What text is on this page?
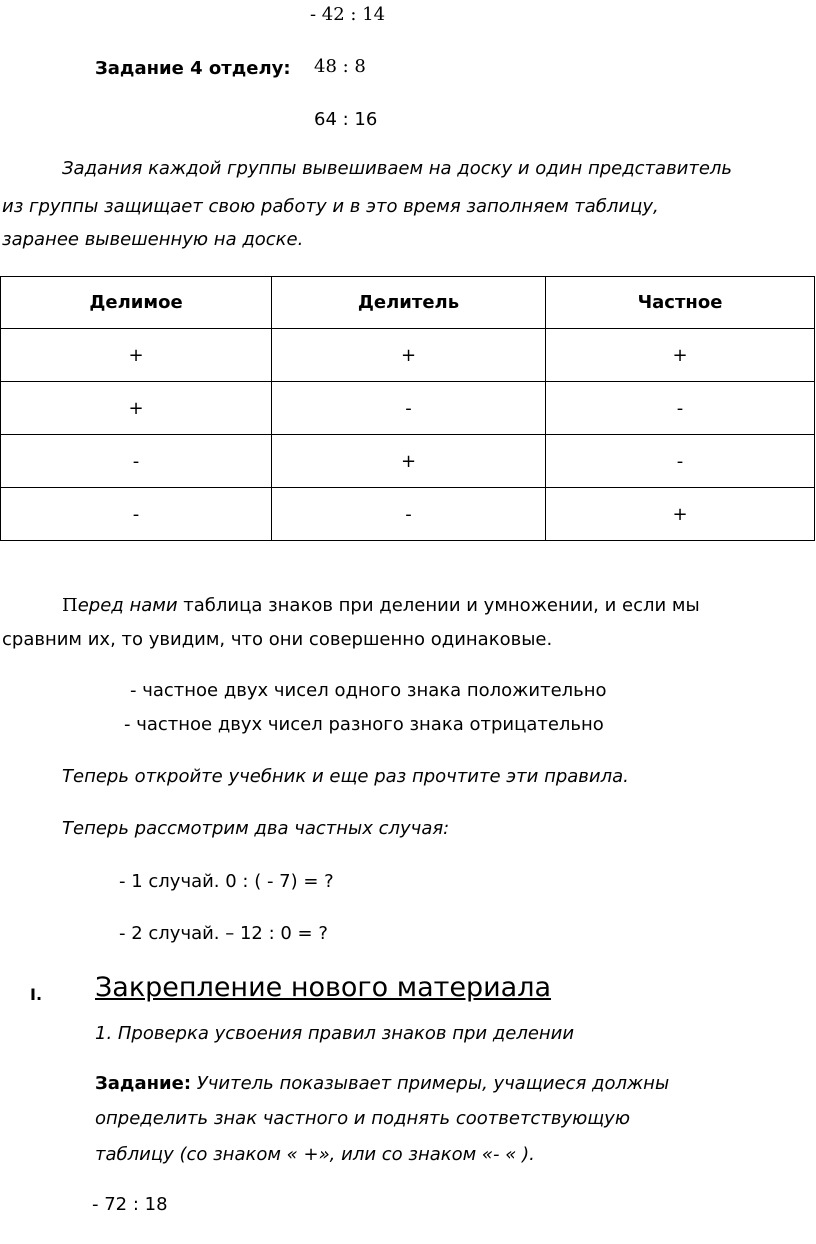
- 42 : 14
Задание 4 отделу: 48 : 8
64 : 16
Задания каждой группы вывешиваем на доску и один представитель
из группы защищает свою работу и в это время заполняем таблицу,
заранее вывешенную на доске.
Делимое	Делитель	Частное
+	+	+
+	-	-
-	+	-
-	-	+
Перед нами таблица знаков при делении и умножении, и если мы
сравним их, то увидим, что они совершенно одинаковые.
- частное двух чисел одного знака положительно
- частное двух чисел разного знака отрицательно
Теперь откройте учебник и еще раз прочтите эти правила.
Теперь рассмотрим два частных случая:
- 1 случай. 0 : ( - 7) = ?
- 2 случай. – 12 : 0 = ?
I. Закрепление нового материала
1. Проверка усвоения правил знаков при делении
Задание: Учитель показывает примеры, учащиеся должны
определить знак частного и поднять соответствующую
таблицу (со знаком « +», или со знаком «- « ).
- 72 : 18
